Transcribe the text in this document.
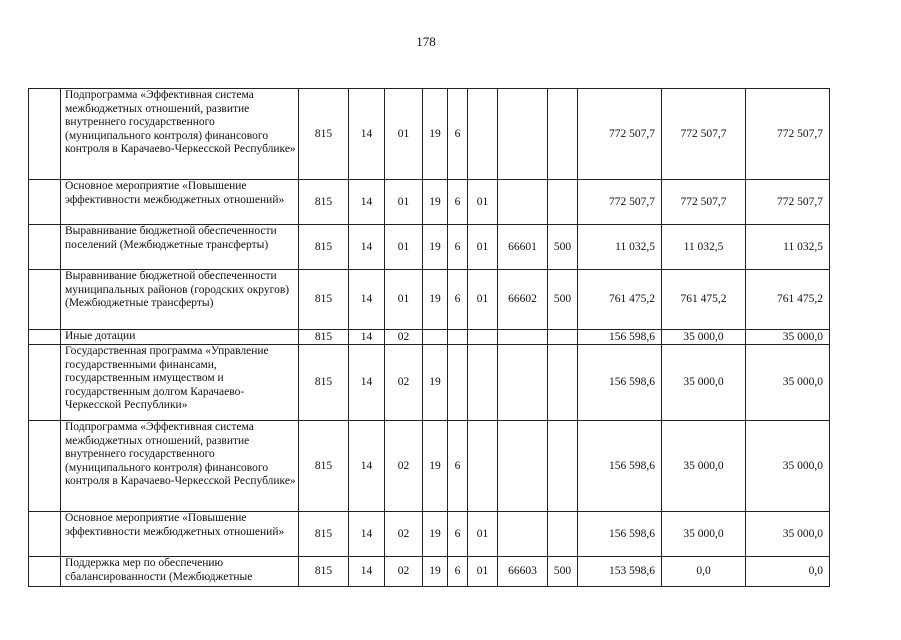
178
	Подпрограмма «Эффективная система межбюджетных отношений, развитие внутреннего государственного (муниципального контроля) финансового контроля в Карачаево-Черкесской Республике»	815	14	01	19	6				772 507,7	772 507,7	772 507,7
	Основное мероприятие «Повышение эффективности межбюджетных отношений»	815	14	01	19	6	01			772 507,7	772 507,7	772 507,7
	Выравнивание бюджетной обеспеченности поселений (Межбюджетные трансферты)	815	14	01	19	6	01	66601	500	11 032,5	11 032,5	11 032,5
	Выравнивание бюджетной обеспеченности муниципальных районов (городских округов) (Межбюджетные трансферты)	815	14	01	19	6	01	66602	500	761 475,2	761 475,2	761 475,2
	Иные дотации	815	14	02						156 598,6	35 000,0	35 000,0
	Государственная программа «Управление государственными финансами, государственным имуществом и государственным долгом Карачаево-Черкесской Республики»	815	14	02	19					156 598,6	35 000,0	35 000,0
	Подпрограмма «Эффективная система межбюджетных отношений, развитие внутреннего государственного (муниципального контроля) финансового контроля в Карачаево-Черкесской Республике»	815	14	02	19	6				156 598,6	35 000,0	35 000,0
	Основное мероприятие «Повышение эффективности межбюджетных отношений»	815	14	02	19	6	01			156 598,6	35 000,0	35 000,0
	Поддержка мер по обеспечению сбалансированности (Межбюджетные	815	14	02	19	6	01	66603	500	153 598,6	0,0	0,0
